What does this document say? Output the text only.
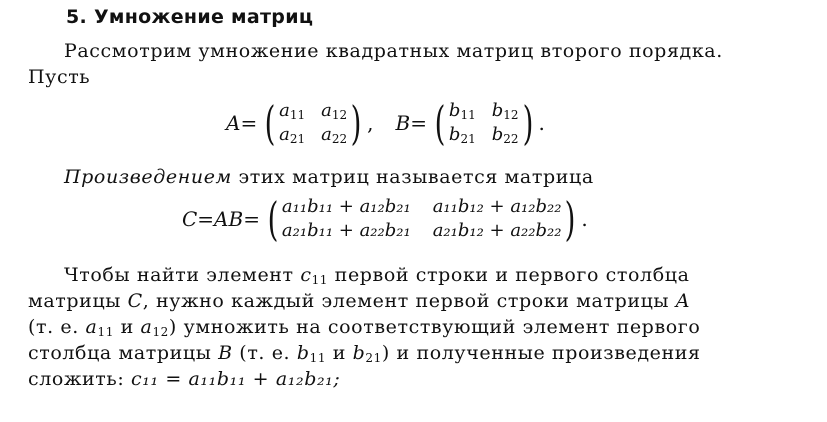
5. Умножение матриц
Рассмотрим умножение квадратных матриц второго порядка.
Пусть
A= ( $a_{11}$ $a_{12}$
$a_{21}$ $a_{22}$ ) , B= ( $b_{11}$ $b_{12}$
$b_{21}$ $b_{22}$ ) .
Произведением этих матриц называется матрица
C=AB= ( a₁₁b₁₁ + a₁₂b₂₁ a₁₁b₁₂ + a₁₂b₂₂
a₂₁b₁₁ + a₂₂b₂₁ a₂₁b₁₂ + a₂₂b₂₂ ) .
Чтобы найти элемент $c_{11}$ первой строки и первого столбца
матрицы C, нужно каждый элемент первой строки матрицы A
(т. е. $a_{11}$ и $a_{12}$) умножить на соответствующий элемент первого
столбца матрицы B (т. е. $b_{11}$ и $b_{21}$) и полученные произведения
сложить: c₁₁ = a₁₁b₁₁ + a₁₂b₂₁;
